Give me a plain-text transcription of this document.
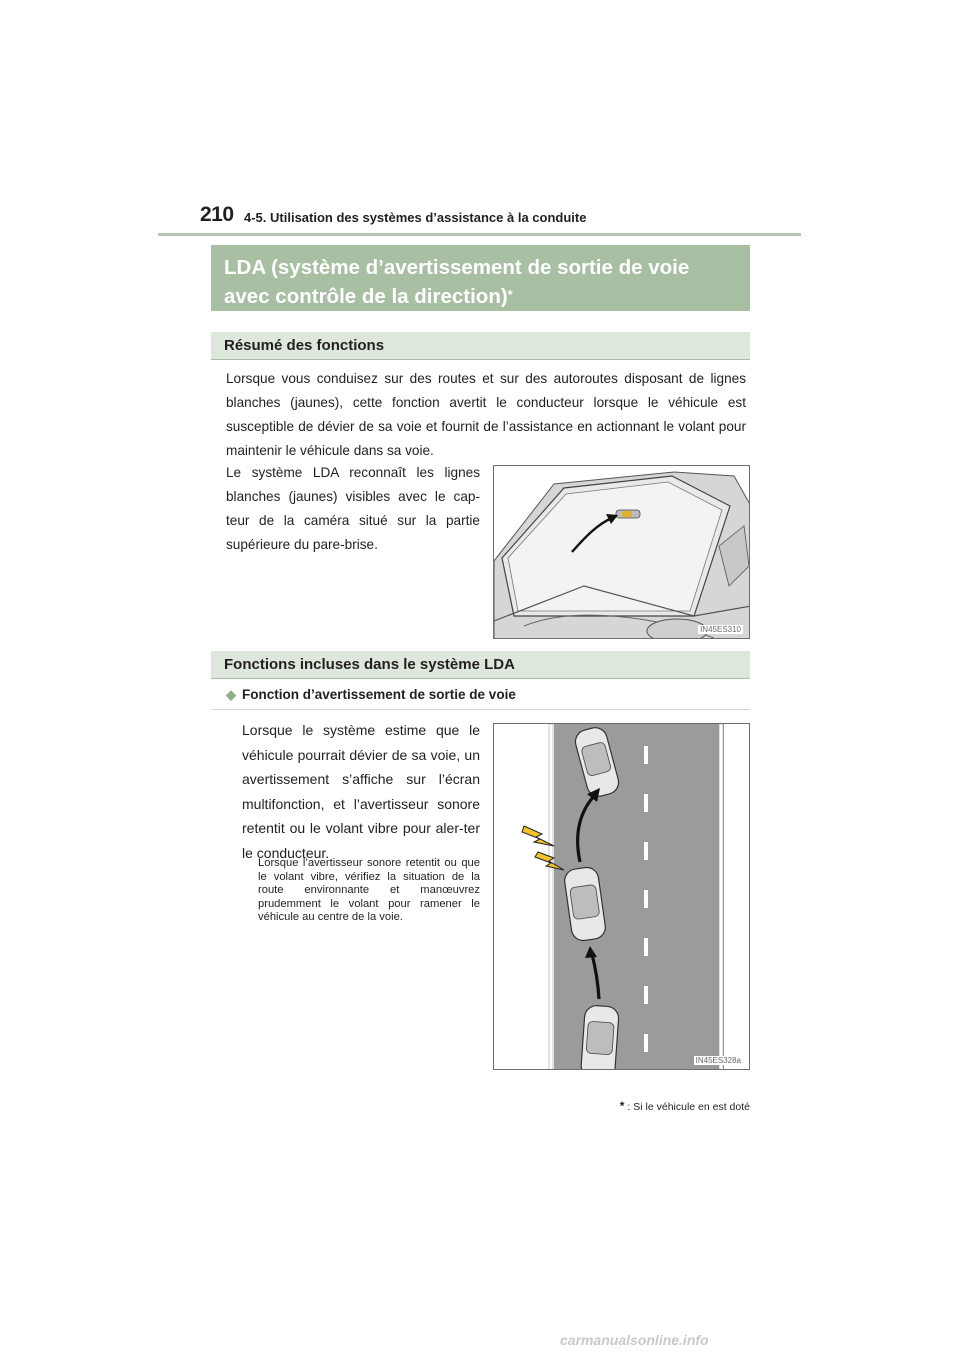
210 4-5. Utilisation des systèmes d’assistance à la conduite
LDA (système d’avertissement de sortie de voie
avec contrôle de la direction)*
Résumé des fonctions
Lorsque vous conduisez sur des routes et sur des autoroutes disposant de lignes blanches (jaunes), cette fonction avertit le conducteur lorsque le véhicule est susceptible de dévier de sa voie et fournit de l’assistance en actionnant le volant pour maintenir le véhicule dans sa voie.
Le système LDA reconnaît les lignes blanches (jaunes) visibles avec le cap-teur de la caméra situé sur la partie supérieure du pare-brise.
IN45ES310
Fonctions incluses dans le système LDA
◆ Fonction d’avertissement de sortie de voie
Lorsque le système estime que le véhicule pourrait dévier de sa voie, un avertissement s’affiche sur l’écran multifonction, et l’avertisseur sonore retentit ou le volant vibre pour aler-ter le conducteur.
Lorsque l’avertisseur sonore retentit ou que le volant vibre, vérifiez la situation de la route environnante et manœuvrez prudemment le volant pour ramener le véhicule au centre de la voie.
IN45ES328a
* : Si le véhicule en est doté
carmanualsonline.info
